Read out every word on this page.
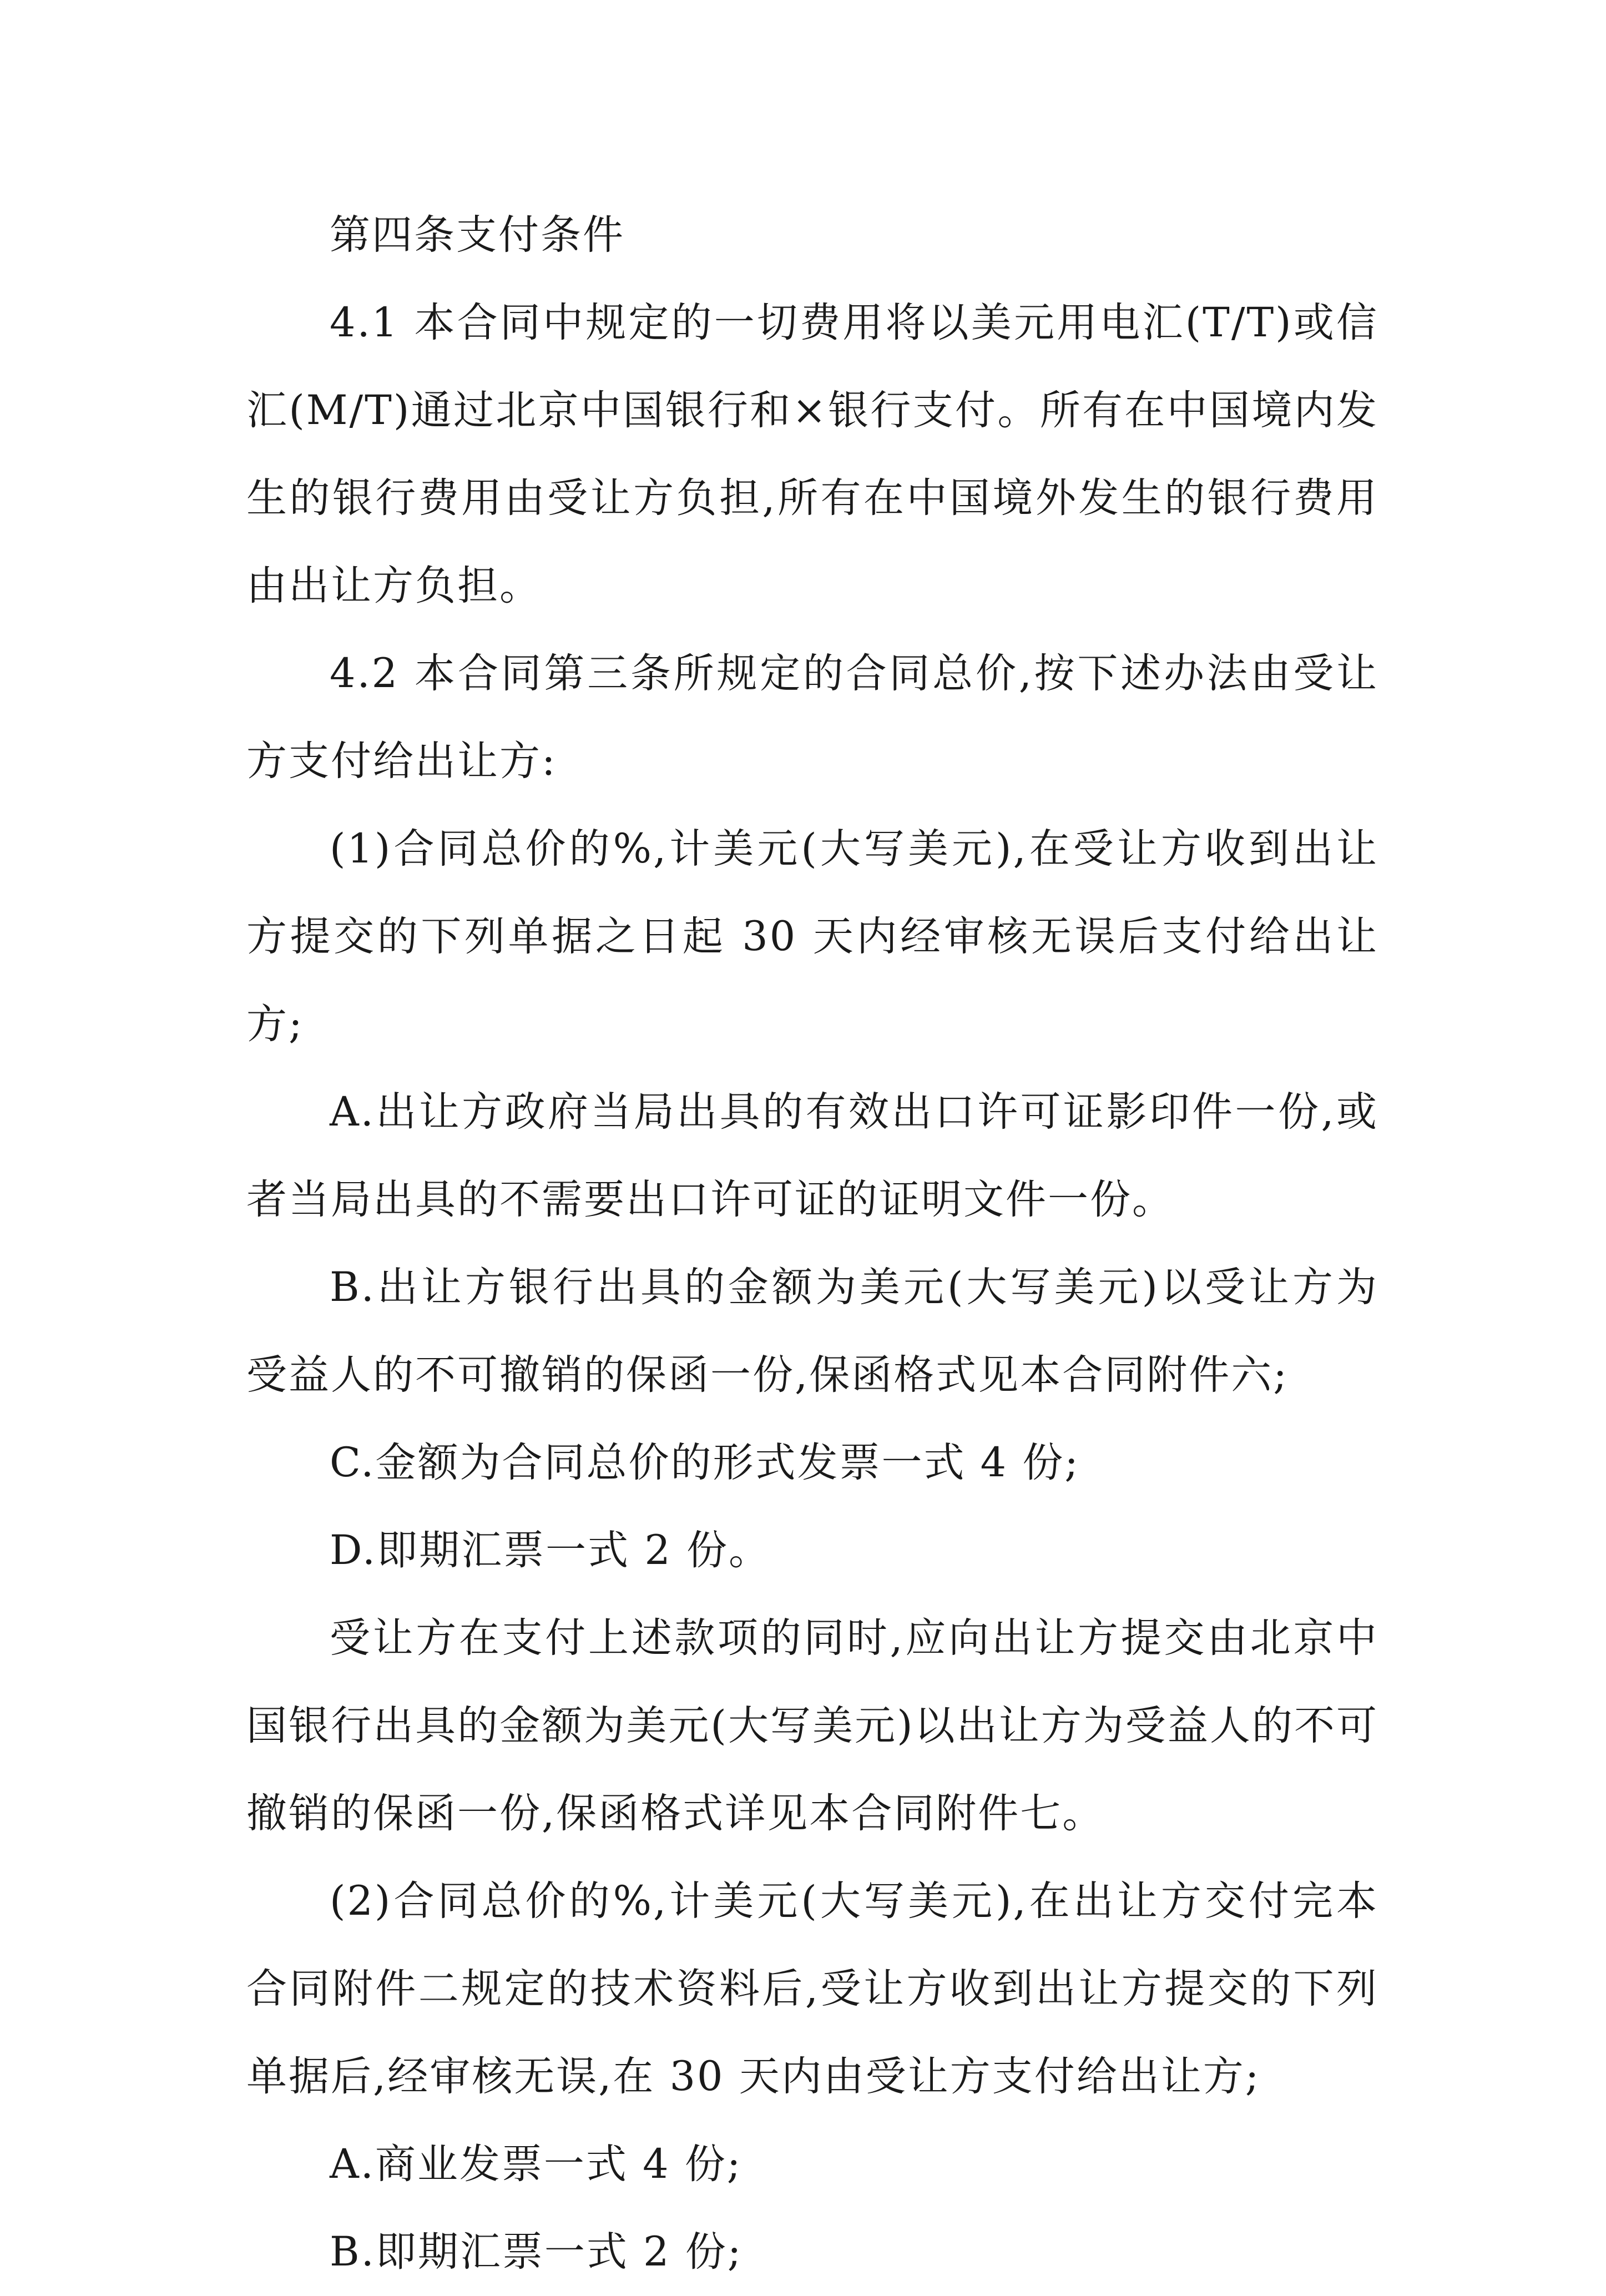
第四条支付条件

4.1 本合同中规定的一切费用将以美元用电汇(T/T)或信汇(M/T)通过北京中国银行和×银行支付。所有在中国境内发生的银行费用由受让方负担,所有在中国境外发生的银行费用由出让方负担。

4.2 本合同第三条所规定的合同总价,按下述办法由受让方支付给出让方:

(1)合同总价的%,计美元(大写美元),在受让方收到出让方提交的下列单据之日起 30 天内经审核无误后支付给出让方;

A.出让方政府当局出具的有效出口许可证影印件一份,或者当局出具的不需要出口许可证的证明文件一份。

B.出让方银行出具的金额为美元(大写美元)以受让方为受益人的不可撤销的保函一份,保函格式见本合同附件六;

C.金额为合同总价的形式发票一式 4 份;

D.即期汇票一式 2 份。

受让方在支付上述款项的同时,应向出让方提交由北京中国银行出具的金额为美元(大写美元)以出让方为受益人的不可撤销的保函一份,保函格式详见本合同附件七。

(2)合同总价的%,计美元(大写美元),在出让方交付完本合同附件二规定的技术资料后,受让方收到出让方提交的下列单据后,经审核无误,在 30 天内由受让方支付给出让方;

A.商业发票一式 4 份;

B.即期汇票一式 2 份;
